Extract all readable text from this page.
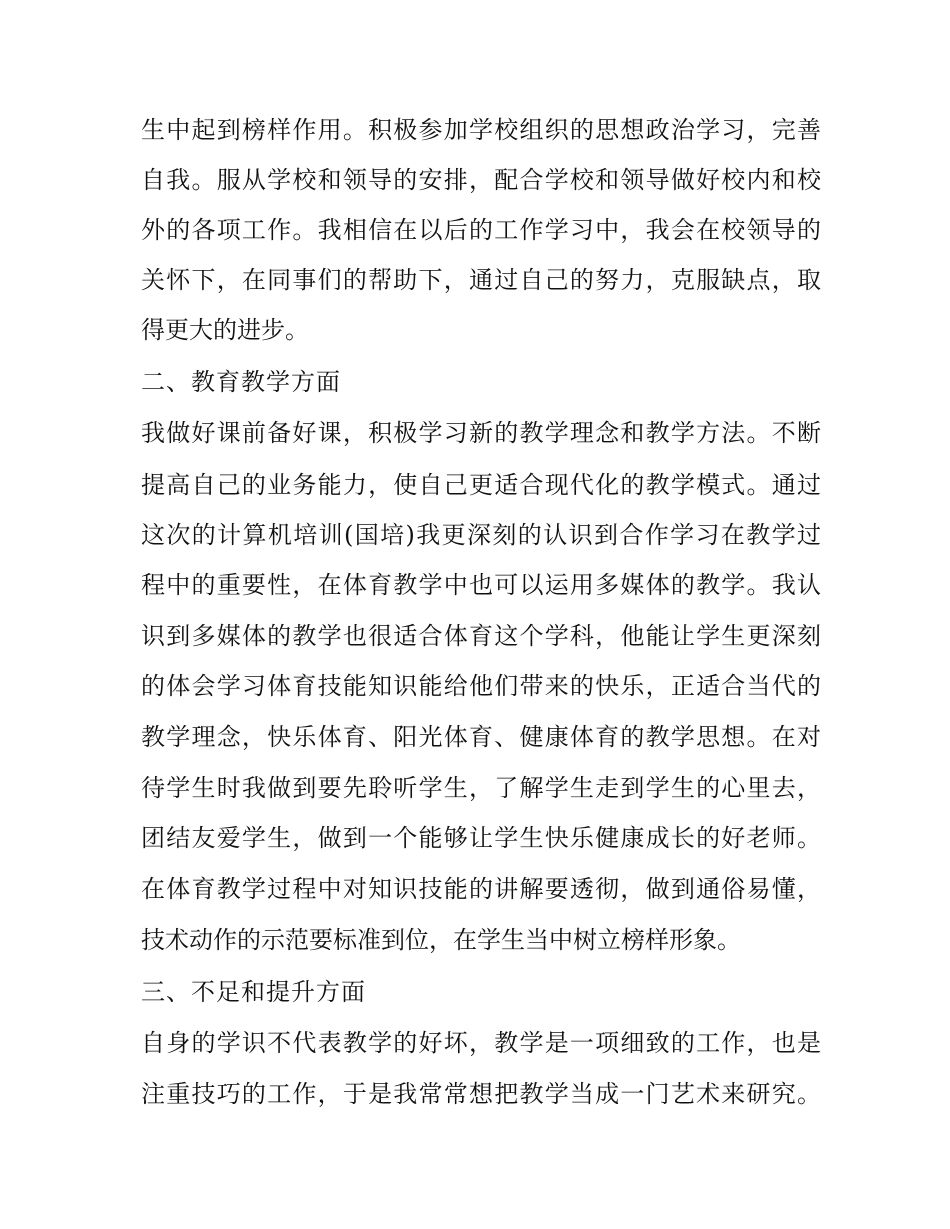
生中起到榜样作用。积极参加学校组织的思想政治学习，完善
自我。服从学校和领导的安排，配合学校和领导做好校内和校
外的各项工作。我相信在以后的工作学习中，我会在校领导的
关怀下，在同事们的帮助下，通过自己的努力，克服缺点，取
得更大的进步。
二、教育教学方面
我做好课前备好课，积极学习新的教学理念和教学方法。不断
提高自己的业务能力，使自己更适合现代化的教学模式。通过
这次的计算机培训(国培)我更深刻的认识到合作学习在教学过
程中的重要性，在体育教学中也可以运用多媒体的教学。我认
识到多媒体的教学也很适合体育这个学科，他能让学生更深刻
的体会学习体育技能知识能给他们带来的快乐，正适合当代的
教学理念，快乐体育、阳光体育、健康体育的教学思想。在对
待学生时我做到要先聆听学生，了解学生走到学生的心里去，
团结友爱学生，做到一个能够让学生快乐健康成长的好老师。
在体育教学过程中对知识技能的讲解要透彻，做到通俗易懂，
技术动作的示范要标准到位，在学生当中树立榜样形象。
三、不足和提升方面
自身的学识不代表教学的好坏，教学是一项细致的工作，也是
注重技巧的工作，于是我常常想把教学当成一门艺术来研究。
